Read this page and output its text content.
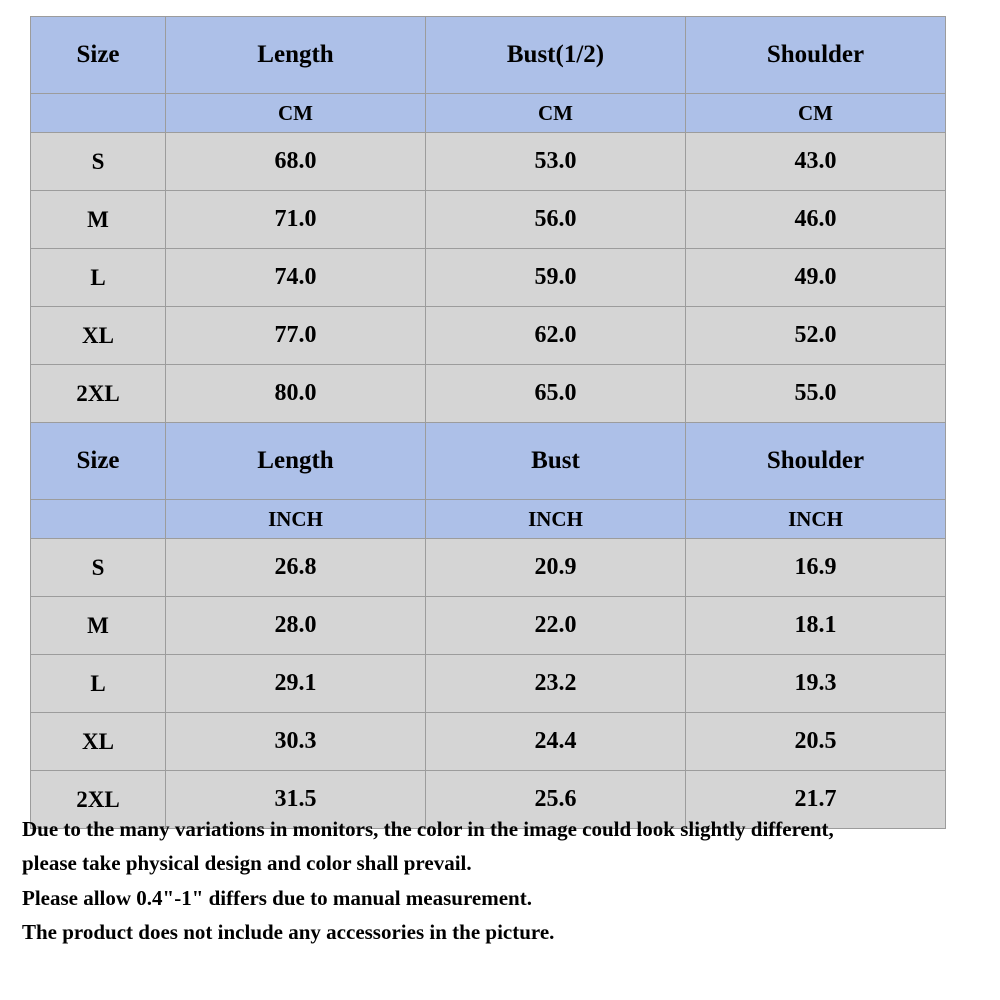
Size	Length	Bust(1/2)	Shoulder
	CM	CM	CM
S	68.0	53.0	43.0
M	71.0	56.0	46.0
L	74.0	59.0	49.0
XL	77.0	62.0	52.0
2XL	80.0	65.0	55.0
Size	Length	Bust	Shoulder
	INCH	INCH	INCH
S	26.8	20.9	16.9
M	28.0	22.0	18.1
L	29.1	23.2	19.3
XL	30.3	24.4	20.5
2XL	31.5	25.6	21.7

Due to the many variations in monitors, the color in the image could look slightly different,

please take physical design and color shall prevail.

Please allow 0.4"-1" differs due to manual measurement.

The product does not include any accessories in the picture.
